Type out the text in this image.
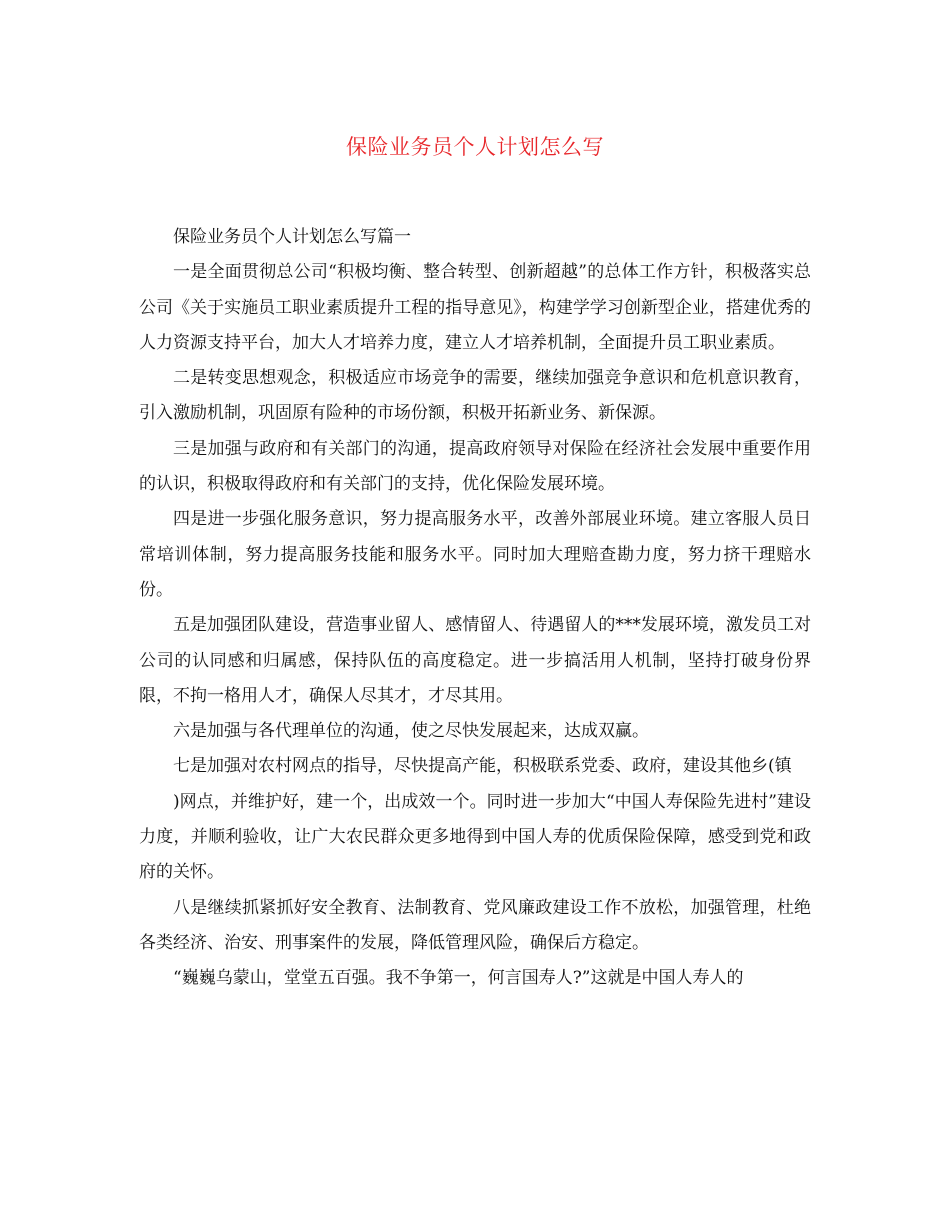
保险业务员个人计划怎么写

保险业务员个人计划怎么写篇一

一是全面贯彻总公司“积极均衡、整合转型、创新超越”的总体工作方针，积极落实总公司《关于实施员工职业素质提升工程的指导意见》，构建学学习创新型企业，搭建优秀的人力资源支持平台，加大人才培养力度，建立人才培养机制，全面提升员工职业素质。

二是转变思想观念，积极适应市场竞争的需要，继续加强竞争意识和危机意识教育，引入激励机制，巩固原有险种的市场份额，积极开拓新业务、新保源。

三是加强与政府和有关部门的沟通，提高政府领导对保险在经济社会发展中重要作用的认识，积极取得政府和有关部门的支持，优化保险发展环境。

四是进一步强化服务意识，努力提高服务水平，改善外部展业环境。建立客服人员日常培训体制，努力提高服务技能和服务水平。同时加大理赔查勘力度，努力挤干理赔水份。

五是加强团队建设，营造事业留人、感情留人、待遇留人的***发展环境，激发员工对公司的认同感和归属感，保持队伍的高度稳定。进一步搞活用人机制，坚持打破身份界限，不拘一格用人才，确保人尽其才，才尽其用。

六是加强与各代理单位的沟通，使之尽快发展起来，达成双赢。

七是加强对农村网点的指导，尽快提高产能，积极联系党委、政府，建设其他乡(镇

)网点，并维护好，建一个，出成效一个。同时进一步加大“中国人寿保险先进村”建设力度，并顺利验收，让广大农民群众更多地得到中国人寿的优质保险保障，感受到党和政府的关怀。

八是继续抓紧抓好安全教育、法制教育、党风廉政建设工作不放松，加强管理，杜绝各类经济、治安、刑事案件的发展，降低管理风险，确保后方稳定。

“巍巍乌蒙山，堂堂五百强。我不争第一，何言国寿人?”这就是中国人寿人的
